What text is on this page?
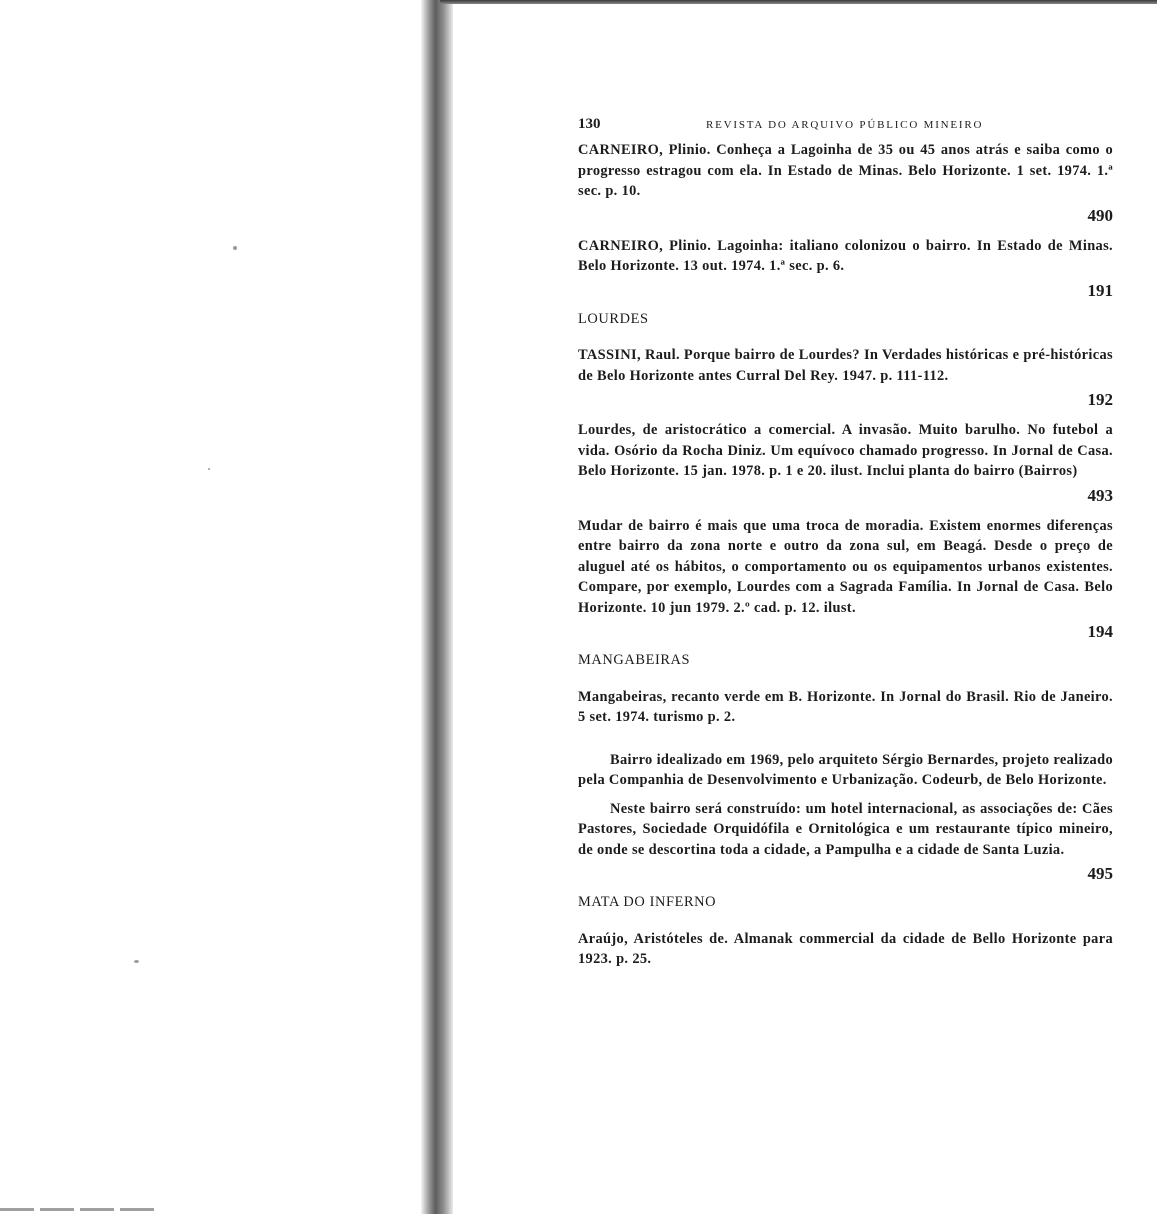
130	REVISTA DO ARQUIVO PÚBLICO MINEIRO

CARNEIRO, Plinio. Conheça a Lagoinha de 35 ou 45 anos atrás e saiba como o progresso estragou com ela. In Estado de Minas. Belo Horizonte. 1 set. 1974. 1.ª sec. p. 10.

490

CARNEIRO, Plinio. Lagoinha: italiano colonizou o bairro. In Estado de Minas. Belo Horizonte. 13 out. 1974. 1.ª sec. p. 6.

191
LOURDES

TASSINI, Raul. Porque bairro de Lourdes? In Verdades históricas e pré-históricas de Belo Horizonte antes Curral Del Rey. 1947. p. 111-112.

192

Lourdes, de aristocrático a comercial. A invasão. Muito barulho. No futebol a vida. Osório da Rocha Diniz. Um equívoco chamado progresso. In Jornal de Casa. Belo Horizonte. 15 jan. 1978. p. 1 e 20. ilust. Inclui planta do bairro (Bairros)

493

Mudar de bairro é mais que uma troca de moradia. Existem enormes diferenças entre bairro da zona norte e outro da zona sul, em Beagá. Desde o preço de aluguel até os hábitos, o comportamento ou os equipamentos urbanos existentes. Compare, por exemplo, Lourdes com a Sagrada Família. In Jornal de Casa. Belo Horizonte. 10 jun 1979. 2.º cad. p. 12. ilust.

194
MANGABEIRAS

Mangabeiras, recanto verde em B. Horizonte. In Jornal do Brasil. Rio de Janeiro. 5 set. 1974. turismo p. 2.

Bairro idealizado em 1969, pelo arquiteto Sérgio Bernardes, projeto realizado pela Companhia de Desenvolvimento e Urbanização. Codeurb, de Belo Horizonte.

Neste bairro será construído: um hotel internacional, as associações de: Cães Pastores, Sociedade Orquidófila e Ornitológica e um restaurante típico mineiro, de onde se descortina toda a cidade, a Pampulha e a cidade de Santa Luzia.

495
MATA DO INFERNO

Araújo, Aristóteles de. Almanak commercial da cidade de Bello Horizonte para 1923. p. 25.
